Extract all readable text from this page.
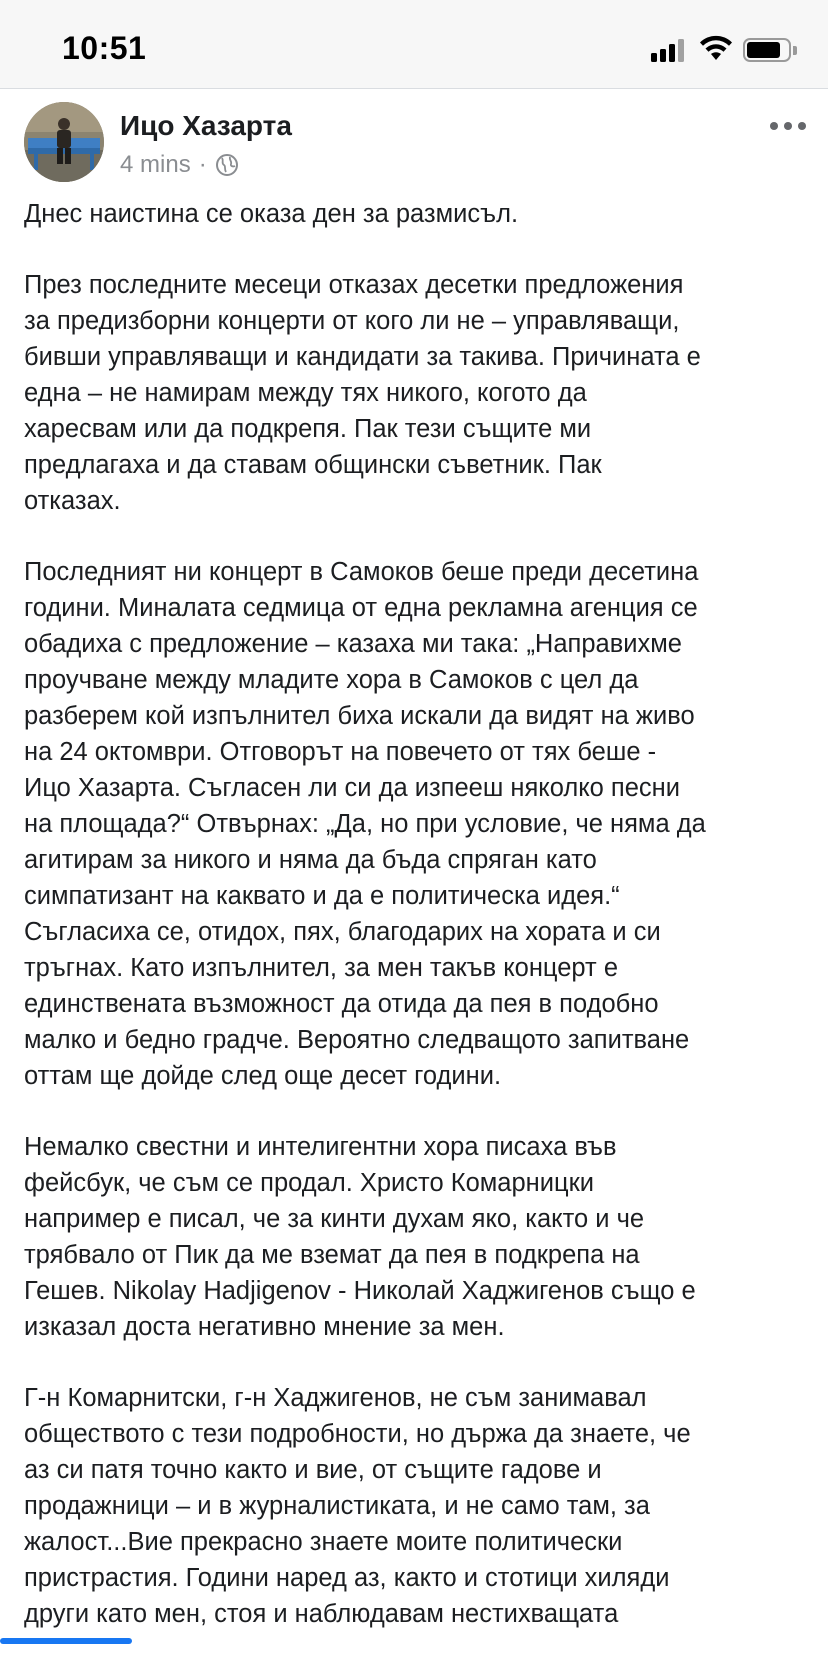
10:51
Ицо Хазарта
4 mins ·

Днес наистина се оказа ден за размисъл.

През последните месеци отказах десетки предложения
за предизборни концерти от кого ли не – управляващи,
бивши управляващи и кандидати за такива. Причината е
една – не намирам между тях никого, когото да
харесвам или да подкрепя. Пак тези същите ми
предлагаха и да ставам общински съветник. Пак
отказах.

Последният ни концерт в Самоков беше преди десетина
години. Миналата седмица от една рекламна агенция се
обадиха с предложение – казаха ми така: „Направихме
проучване между младите хора в Самоков с цел да
разберем кой изпълнител биха искали да видят на живо
на 24 октомври. Отговорът на повечето от тях беше -
Ицо Хазарта. Съгласен ли си да изпееш няколко песни
на площада?“ Отвърнах: „Да, но при условие, че няма да
агитирам за никого и няма да бъда спряган като
симпатизант на каквато и да е политическа идея.“
Съгласиха се, отидох, пях, благодарих на хората и си
тръгнах. Като изпълнител, за мен такъв концерт е
единствената възможност да отида да пея в подобно
малко и бедно градче. Вероятно следващото запитване
оттам ще дойде след още десет години.

Немалко свестни и интелигентни хора писаха във
фейсбук, че съм се продал. Христо Комарницки
например е писал, че за кинти духам яко, както и че
трябвало от Пик да ме вземат да пея в подкрепа на
Гешев. Nikolay Hadjigenov - Николай Хаджигенов също е
изказал доста негативно мнение за мен.

Г-н Комарнитски, г-н Хаджигенов, не съм занимавал
обществото с тези подробности, но държа да знаете, че
аз си патя точно както и вие, от същите гадове и
продажници – и в журналистиката, и не само там, за
жалост...Вие прекрасно знаете моите политически
пристрастия. Години наред аз, както и стотици хиляди
други като мен, стоя и наблюдавам нестихващата
